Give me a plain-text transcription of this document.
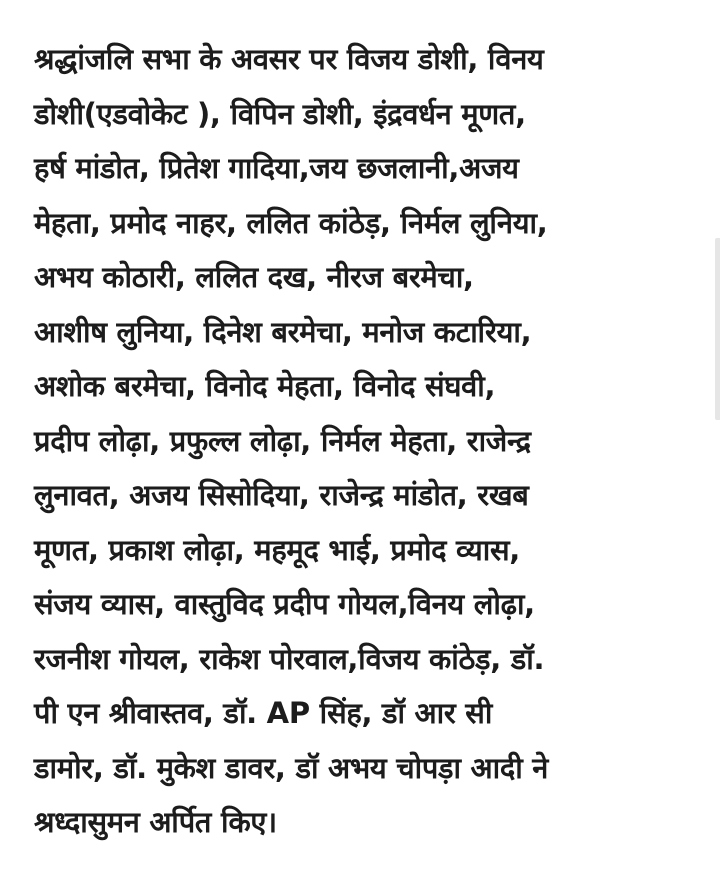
श्रद्धांजलि सभा के अवसर पर विजय डोशी, विनय
डोशी(एडवोकेट ), विपिन डोशी, इंद्रवर्धन मूणत,
हर्ष मांडोत, प्रितेश गादिया,जय छजलानी,अजय
मेहता, प्रमोद नाहर, ललित कांठेड़, निर्मल लुनिया,
अभय कोठारी, ललित दख, नीरज बरमेचा,
आशीष लुनिया, दिनेश बरमेचा, मनोज कटारिया,
अशोक बरमेचा, विनोद मेहता, विनोद संघवी,
प्रदीप लोढ़ा, प्रफुल्ल लोढ़ा, निर्मल मेहता, राजेन्द्र
लुनावत, अजय सिसोदिया, राजेन्द्र मांडोत, रखब
मूणत, प्रकाश लोढ़ा, महमूद भाई, प्रमोद व्यास,
संजय व्यास, वास्तुविद प्रदीप गोयल,विनय लोढ़ा,
रजनीश गोयल, राकेश पोरवाल,विजय कांठेड़, डॉ.
पी एन श्रीवास्तव, डॉ. AP सिंह, डॉ आर सी
डामोर, डॉ. मुकेश डावर, डॉ अभय चोपड़ा आदी ने
श्रध्दासुमन अर्पित किए।
